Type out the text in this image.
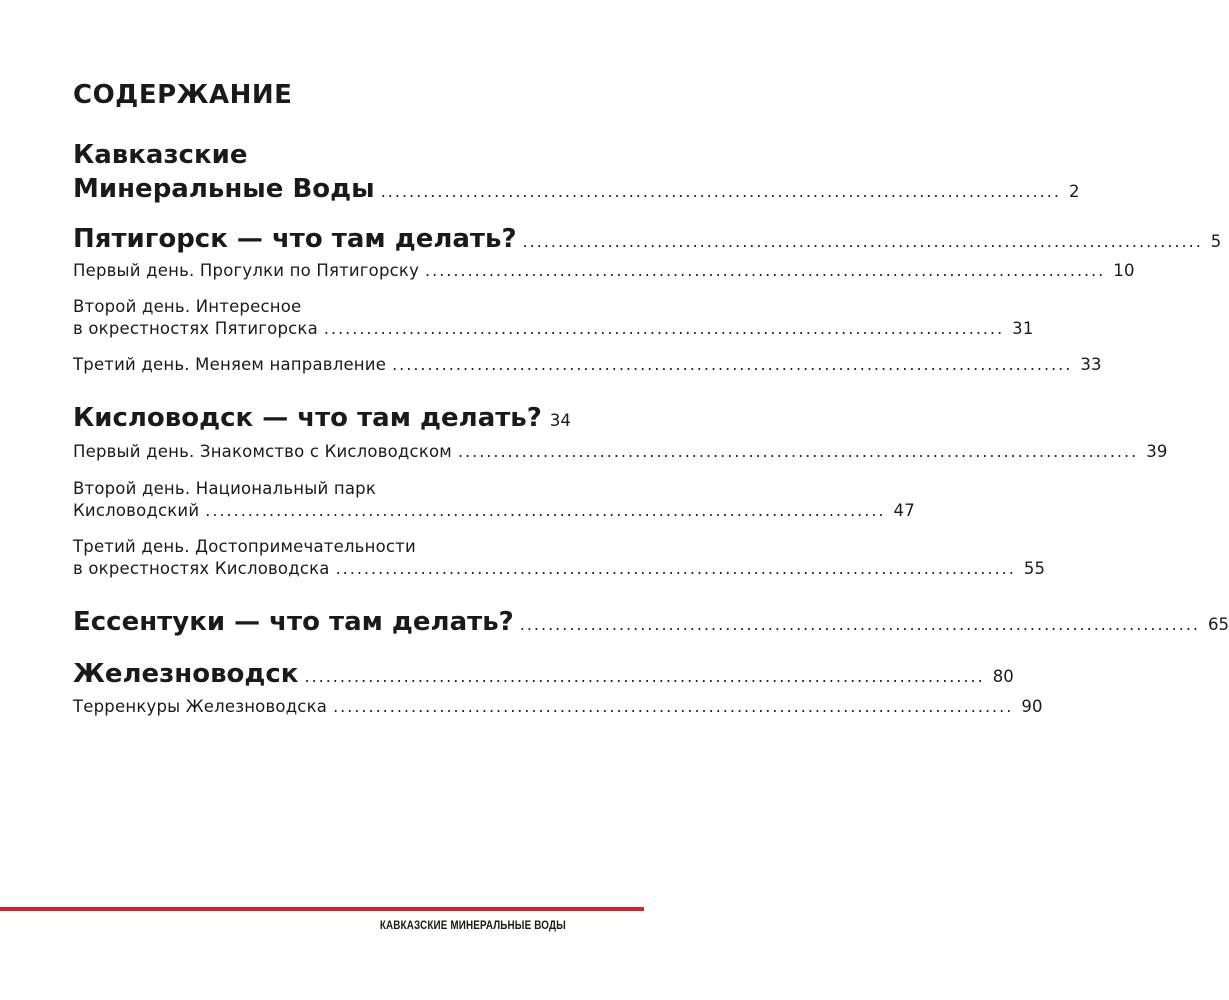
СОДЕРЖАНИЕ
Кавказские
Минеральные Воды ................................................................................................ 2
Пятигорск — что там делать? ................................................................................................ 5
Первый день. Прогулки по Пятигорску ................................................................................................ 10
Второй день. Интересное
в окрестностях Пятигорска ................................................................................................ 31
Третий день. Меняем направление ................................................................................................ 33
Кисловодск — что там делать? 34
Первый день. Знакомство с Кисловодском ................................................................................................ 39
Второй день. Национальный парк
Кисловодский ................................................................................................ 47
Третий день. Достопримечательности
в окрестностях Кисловодска ................................................................................................ 55
Ессентуки — что там делать? ................................................................................................ 65
Железноводск ................................................................................................ 80
Терренкуры Железноводска ................................................................................................ 90
КАВКАЗСКИЕ МИНЕРАЛЬНЫЕ ВОДЫ
